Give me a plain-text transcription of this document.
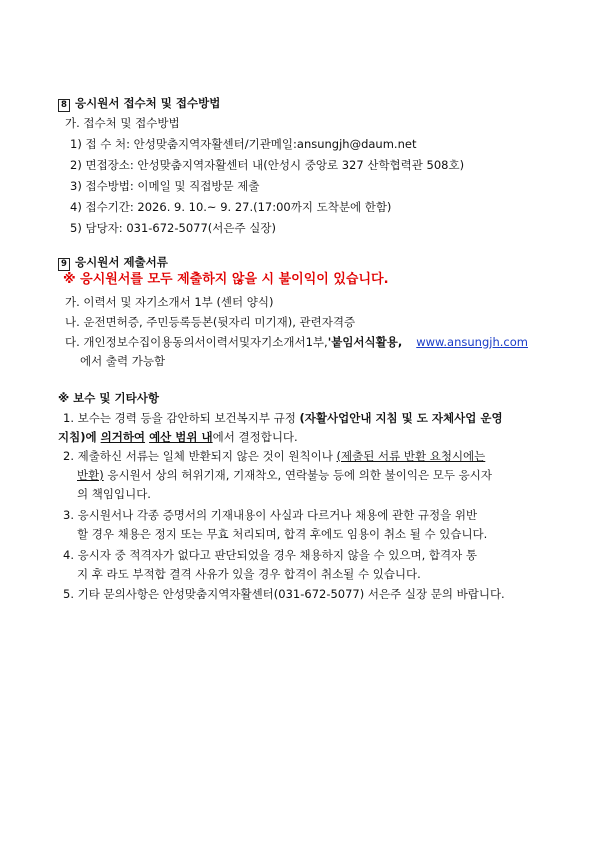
8 응시원서 접수처 및 접수방법
가. 접수처 및 접수방법
1) 접 수 처: 안성맞춤지역자활센터/기관메일:ansungjh@daum.net
2) 면접장소: 안성맞춤지역자활센터 내(안성시 중앙로 327 산학협력관 508호)
3) 접수방법: 이메일 및 직접방문 제출
4) 접수기간: 2026. 9. 10.~ 9. 27.(17:00까지 도착분에 한함)
5) 담당자: 031-672-5077(서은주 실장)
9 응시원서 제출서류
※ 응시원서를 모두 제출하지 않을 시 불이익이 있습니다.
가. 이력서 및 자기소개서 1부 (센터 양식)
나. 운전면허증, 주민등록등본(뒷자리 미기재), 관련자격증
다. 개인정보수집이용동의서이력서및자기소개서1부,'붙임서식활용, www.ansungjh.com
에서 출력 가능함
※ 보수 및 기타사항
1. 보수는 경력 등을 감안하되 보건복지부 규정 (자활사업안내 지침 및 도 자체사업 운영
지침)에 의거하여 예산 범위 내에서 결정합니다.
2. 제출하신 서류는 일체 반환되지 않은 것이 원칙이나 (제출된 서류 반환 요청시에는
반환) 응시원서 상의 허위기재, 기재착오, 연락불능 등에 의한 불이익은 모두 응시자
의 책임입니다.
3. 응시원서나 각종 증명서의 기재내용이 사실과 다르거나 채용에 관한 규정을 위반
할 경우 채용은 정지 또는 무효 처리되며, 합격 후에도 임용이 취소 될 수 있습니다.
4. 응시자 중 적격자가 없다고 판단되었을 경우 채용하지 않을 수 있으며, 합격자 통
지 후 라도 부적합 결격 사유가 있을 경우 합격이 취소될 수 있습니다.
5. 기타 문의사항은 안성맞춤지역자활센터(031-672-5077) 서은주 실장 문의 바랍니다.
